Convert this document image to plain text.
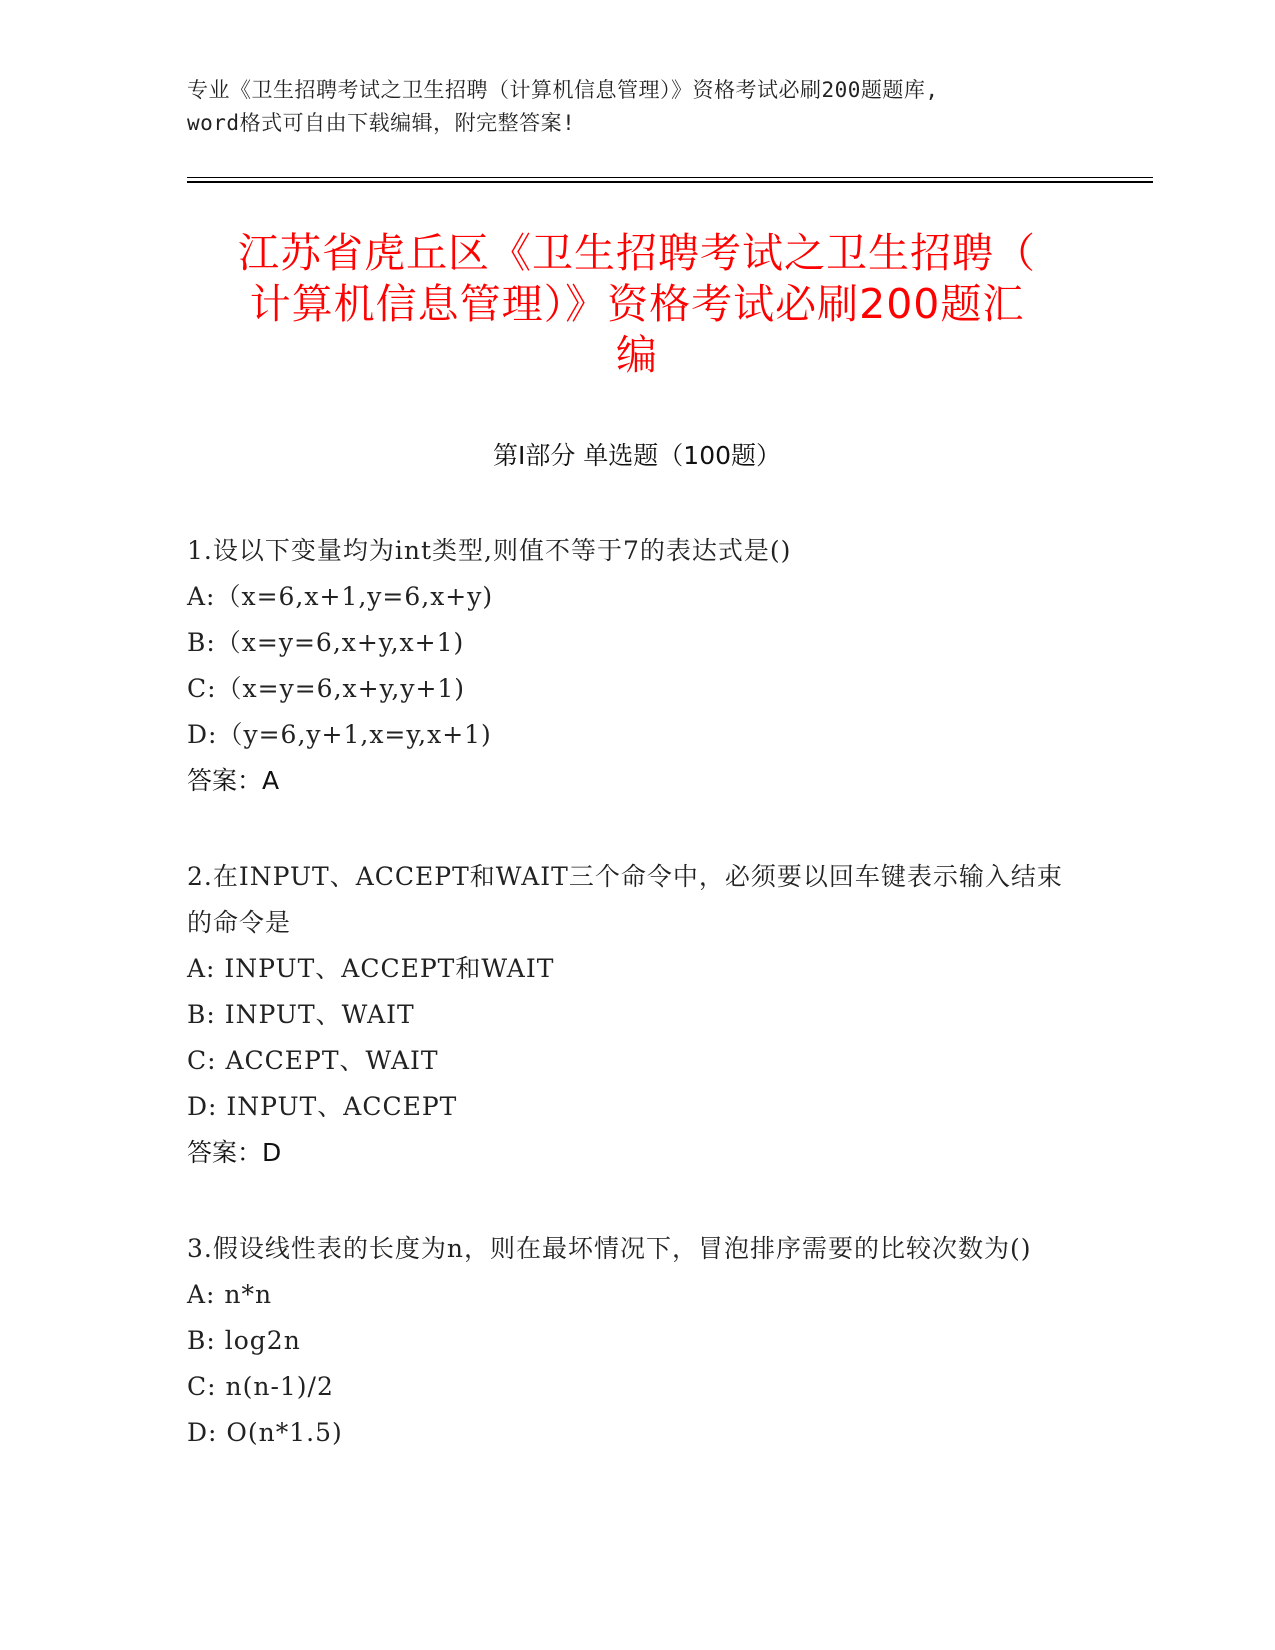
专业《卫生招聘考试之卫生招聘（计算机信息管理）》资格考试必刷200题题库,
word格式可自由下载编辑，附完整答案!
江苏省虎丘区《卫生招聘考试之卫生招聘（
计算机信息管理）》资格考试必刷200题汇
编
第I部分 单选题（100题）
1.设以下变量均为int类型,则值不等于7的表达式是()
A:（x=6,x+1,y=6,x+y)
B:（x=y=6,x+y,x+1)
C:（x=y=6,x+y,y+1)
D:（y=6,y+1,x=y,x+1)
答案：A
2.在INPUT、ACCEPT和WAIT三个命令中，必须要以回车键表示输入结束的命令是
A: INPUT、ACCEPT和WAIT
B: INPUT、WAIT
C: ACCEPT、WAIT
D: INPUT、ACCEPT
答案：D
3.假设线性表的长度为n，则在最坏情况下，冒泡排序需要的比较次数为()
A: n*n
B: log2n
C: n(n-1)/2
D: O(n*1.5)
